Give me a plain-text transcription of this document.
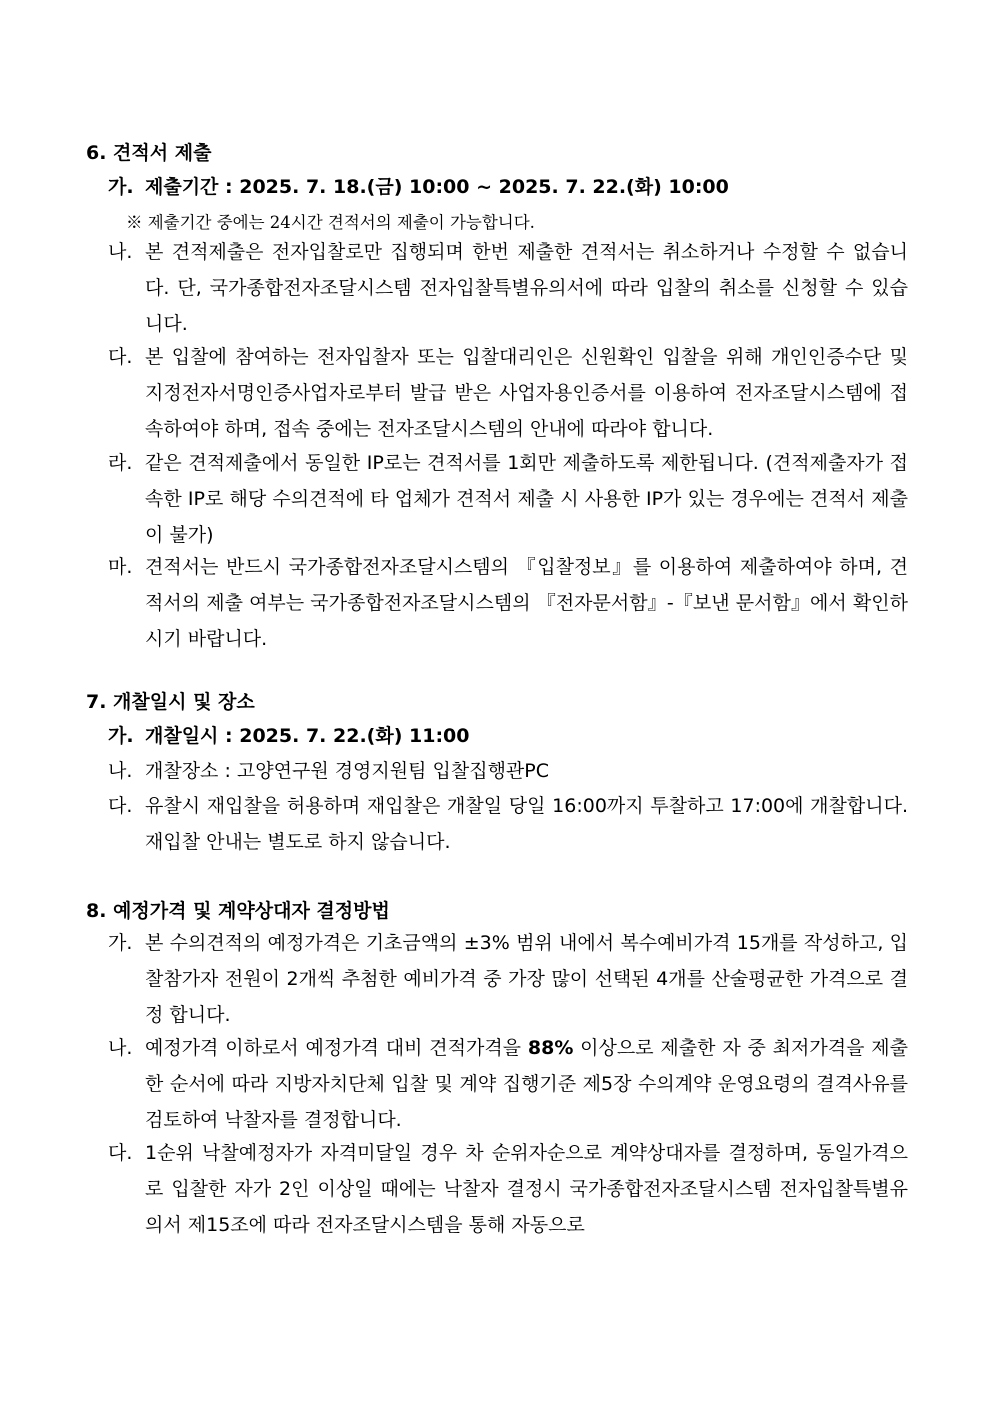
6. 견적서 제출
가. 제출기간 : 2025. 7. 18.(금) 10:00 ~ 2025. 7. 22.(화) 10:00
※ 제출기간 중에는 24시간 견적서의 제출이 가능합니다.
나. 본 견적제출은 전자입찰로만 집행되며 한번 제출한 견적서는 취소하거나 수정할 수 없습니다. 단, 국가종합전자조달시스템 전자입찰특별유의서에 따라 입찰의 취소를 신청할 수 있습니다.
다. 본 입찰에 참여하는 전자입찰자 또는 입찰대리인은 신원확인 입찰을 위해 개인인증수단 및 지정전자서명인증사업자로부터 발급 받은 사업자용인증서를 이용하여 전자조달시스템에 접속하여야 하며, 접속 중에는 전자조달시스템의 안내에 따라야 합니다.
라. 같은 견적제출에서 동일한 IP로는 견적서를 1회만 제출하도록 제한됩니다. (견적제출자가 접속한 IP로 해당 수의견적에 타 업체가 견적서 제출 시 사용한 IP가 있는 경우에는 견적서 제출이 불가)
마. 견적서는 반드시 국가종합전자조달시스템의 『입찰정보』를 이용하여 제출하여야 하며, 견적서의 제출 여부는 국가종합전자조달시스템의 『전자문서함』-『보낸 문서함』에서 확인하시기 바랍니다.
7. 개찰일시 및 장소
가. 개찰일시 : 2025. 7. 22.(화) 11:00
나. 개찰장소 : 고양연구원 경영지원팀 입찰집행관PC
다. 유찰시 재입찰을 허용하며 재입찰은 개찰일 당일 16:00까지 투찰하고 17:00에 개찰합니다. 재입찰 안내는 별도로 하지 않습니다.
8. 예정가격 및 계약상대자 결정방법
가. 본 수의견적의 예정가격은 기초금액의 ±3% 범위 내에서 복수예비가격 15개를 작성하고, 입찰참가자 전원이 2개씩 추첨한 예비가격 중 가장 많이 선택된 4개를 산술평균한 가격으로 결정 합니다.
나. 예정가격 이하로서 예정가격 대비 견적가격을 88% 이상으로 제출한 자 중 최저가격을 제출한 순서에 따라 지방자치단체 입찰 및 계약 집행기준 제5장 수의계약 운영요령의 결격사유를 검토하여 낙찰자를 결정합니다.
다. 1순위 낙찰예정자가 자격미달일 경우 차 순위자순으로 계약상대자를 결정하며, 동일가격으로 입찰한 자가 2인 이상일 때에는 낙찰자 결정시 국가종합전자조달시스템 전자입찰특별유의서 제15조에 따라 전자조달시스템을 통해 자동으로
